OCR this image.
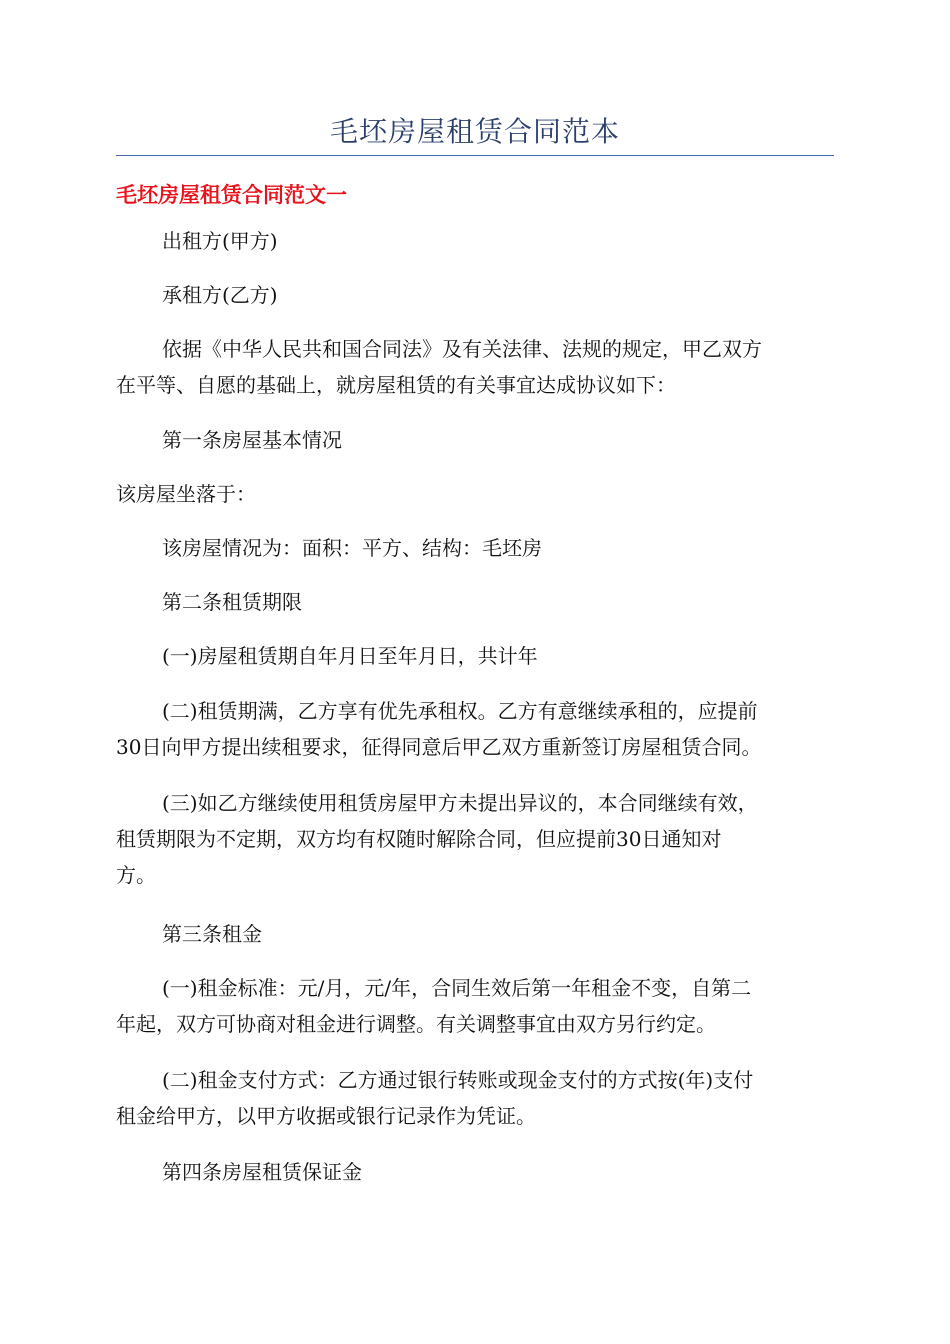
毛坯房屋租赁合同范本
毛坯房屋租赁合同范文一

出租方(甲方)

承租方(乙方)

依据《中华人民共和国合同法》及有关法律、法规的规定，甲乙双方
在平等、自愿的基础上，就房屋租赁的有关事宜达成协议如下：

第一条房屋基本情况

该房屋坐落于：

该房屋情况为：面积：平方、结构：毛坯房

第二条租赁期限

(一)房屋租赁期自年月日至年月日，共计年

(二)租赁期满，乙方享有优先承租权。乙方有意继续承租的，应提前
30日向甲方提出续租要求，征得同意后甲乙双方重新签订房屋租赁合同。

(三)如乙方继续使用租赁房屋甲方未提出异议的，本合同继续有效，
租赁期限为不定期，双方均有权随时解除合同，但应提前30日通知对
方。

第三条租金

(一)租金标准：元/月，元/年，合同生效后第一年租金不变，自第二
年起，双方可协商对租金进行调整。有关调整事宜由双方另行约定。

(二)租金支付方式：乙方通过银行转账或现金支付的方式按(年)支付
租金给甲方，以甲方收据或银行记录作为凭证。

第四条房屋租赁保证金
